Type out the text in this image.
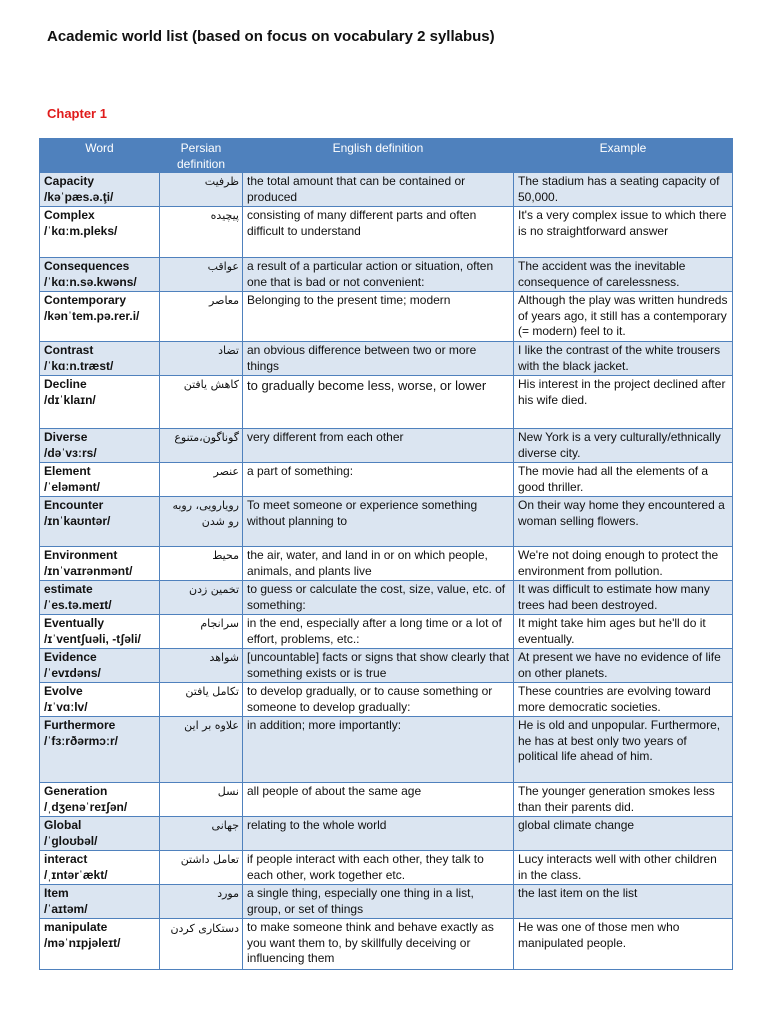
Academic world list (based on focus on vocabulary 2 syllabus)
Chapter 1
Word	Persian definition	English definition	Example

Capacity
/kəˈpæs.ə.ţi/	ظرفیت	the total amount that can be contained or produced	The stadium has a seating capacity of 50,000.

Complex
/ˈkɑːm.pleks/	پیچیده	consisting of many different parts and often difficult to understand	It's a very complex issue to which there is no straightforward answer

Consequences
/ˈkɑːn.sə.kwəns/	عواقب	a result of a particular action or situation, often one that is bad or not convenient:	The accident was the inevitable consequence of carelessness.

Contemporary
/kənˈtem.pə.rer.i/	معاصر	Belonging to the present time; modern	Although the play was written hundreds of years ago, it still has a contemporary (= modern) feel to it.

Contrast
/ˈkɑːn.træst/	تضاد	an obvious difference between two or more things	I like the contrast of the white trousers with the black jacket.

Decline
/dɪˈklaɪn/	کاهش یافتن	to gradually become less, worse, or lower	His interest in the project declined after his wife died.

Diverse
/dəˈvɜːrs/	گوناگون،متنوع	very different from each other	New York is a very culturally/ethnically diverse city.

Element
/ˈeləmənt/	عنصر	a part of something:	The movie had all the elements of a good thriller.

Encounter
/ɪnˈkaʊntər/	رویارویی، روبه رو شدن	To meet someone or experience something without planning to	On their way home they encountered a woman selling flowers.

Environment
/ɪnˈvaɪrənmənt/	محیط	the air, water, and land in or on which people, animals, and plants live	We're not doing enough to protect the environment from pollution.

estimate
/ˈes.tə.meɪt/	تخمین زدن	to guess or calculate the cost, size, value, etc. of something:	It was difficult to estimate how many trees had been destroyed.

Eventually
/ɪˈventʃuəli, -tʃəli/	سرانجام	in the end, especially after a long time or a lot of effort, problems, etc.:	It might take him ages but he'll do it eventually.

Evidence
/ˈevɪdəns/	شواهد	[uncountable] facts or signs that show clearly that something exists or is true	At present we have no evidence of life on other planets.

Evolve
/ɪˈvɑːlv/	تکامل یافتن	to develop gradually, or to cause something or someone to develop gradually:	These countries are evolving toward more democratic societies.

Furthermore
/ˈfɜːrðərmɔːr/	علاوه بر این	in addition; more importantly:	He is old and unpopular. Furthermore, he has at best only two years of political life ahead of him.

Generation
/ˌdʒenəˈreɪʃən/	نسل	all people of about the same age	The younger generation smokes less than their parents did.

Global
/ˈɡloʊbəl/	جهانی	relating to the whole world	global climate change

interact
/ˌɪntərˈækt/	تعامل داشتن	if people interact with each other, they talk to each other, work together etc.	Lucy interacts well with other children in the class.

Item
/ˈaɪtəm/	مورد	a single thing, especially one thing in a list, group, or set of things	the last item on the list

manipulate
/məˈnɪpjəleɪt/	دستکاری کردن	to make someone think and behave exactly as you want them to, by skillfully deceiving or influencing them	He was one of those men who manipulated people.
